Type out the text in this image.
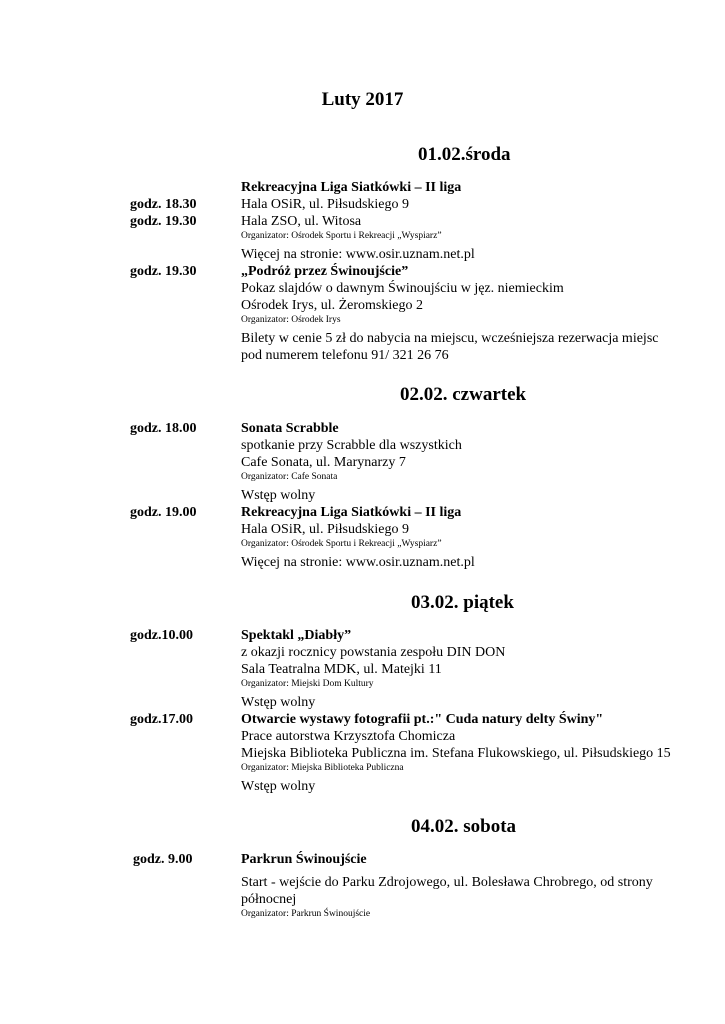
Luty 2017
01.02.środa
02.02. czwartek
03.02. piątek
04.02. sobota
godz. 18.30
godz. 19.30
godz. 19.30
godz. 18.00
godz. 19.00
godz.10.00
godz.17.00
godz. 9.00
Rekreacyjna Liga Siatkówki – II liga
Hala OSiR, ul. Piłsudskiego 9
Hala ZSO, ul. Witosa
Organizator: Ośrodek Sportu i Rekreacji „Wyspiarz”
Więcej na stronie: www.osir.uznam.net.pl
„Podróż przez Świnoujście”
Pokaz slajdów o dawnym Świnoujściu w jęz. niemieckim
Ośrodek Irys, ul. Żeromskiego 2
Organizator: Ośrodek Irys
Bilety w cenie 5 zł do nabycia na miejscu, wcześniejsza rezerwacja miejsc
pod numerem telefonu 91/ 321 26 76
Sonata Scrabble
spotkanie przy Scrabble dla wszystkich
Cafe Sonata, ul. Marynarzy 7
Organizator: Cafe Sonata
Wstęp wolny
Rekreacyjna Liga Siatkówki – II liga
Hala OSiR, ul. Piłsudskiego 9
Organizator: Ośrodek Sportu i Rekreacji „Wyspiarz”
Więcej na stronie: www.osir.uznam.net.pl
Spektakl „Diabły”
z okazji rocznicy powstania zespołu DIN DON
Sala Teatralna MDK, ul. Matejki 11
Organizator: Miejski Dom Kultury
Wstęp wolny
Otwarcie wystawy fotografii pt.:" Cuda natury delty Świny"
Prace autorstwa Krzysztofa Chomicza
Miejska Biblioteka Publiczna im. Stefana Flukowskiego, ul. Piłsudskiego 15
Organizator: Miejska Biblioteka Publiczna
Wstęp wolny
Parkrun Świnoujście
Start - wejście do Parku Zdrojowego, ul. Bolesława Chrobrego, od strony
północnej
Organizator: Parkrun Świnoujście
